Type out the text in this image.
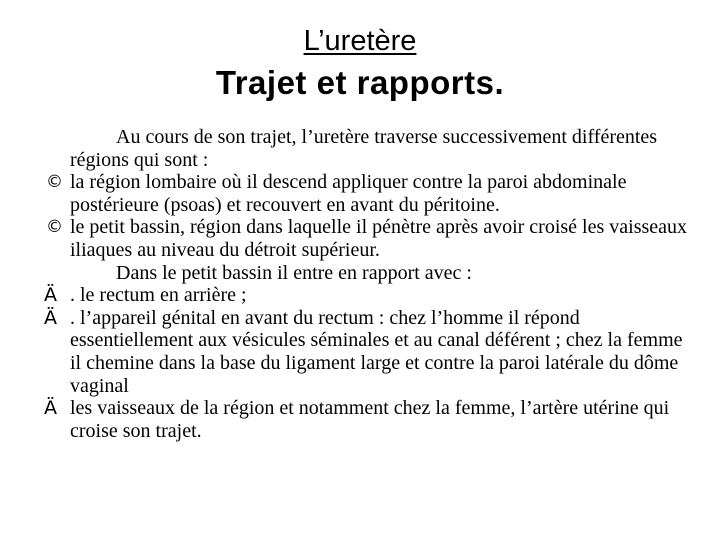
L’uretère
Trajet et rapports.
Au cours de son trajet, l’uretère traverse successivement différentes régions qui sont :
© la région lombaire où il descend appliquer contre la paroi abdominale postérieure (psoas) et recouvert en avant du péritoine.
© le petit bassin, région dans laquelle il pénètre après avoir croisé les vaisseaux iliaques au niveau du détroit supérieur.
Dans le petit bassin il entre en rapport avec :
Ä . le rectum en arrière ;
Ä . l’appareil génital en avant du rectum : chez l’homme il répond essentiellement aux vésicules séminales et au canal déférent ; chez la femme il chemine dans la base du ligament large et contre la paroi latérale du dôme vaginal
Ä les vaisseaux de la région et notamment chez la femme, l’artère utérine qui croise son trajet.
